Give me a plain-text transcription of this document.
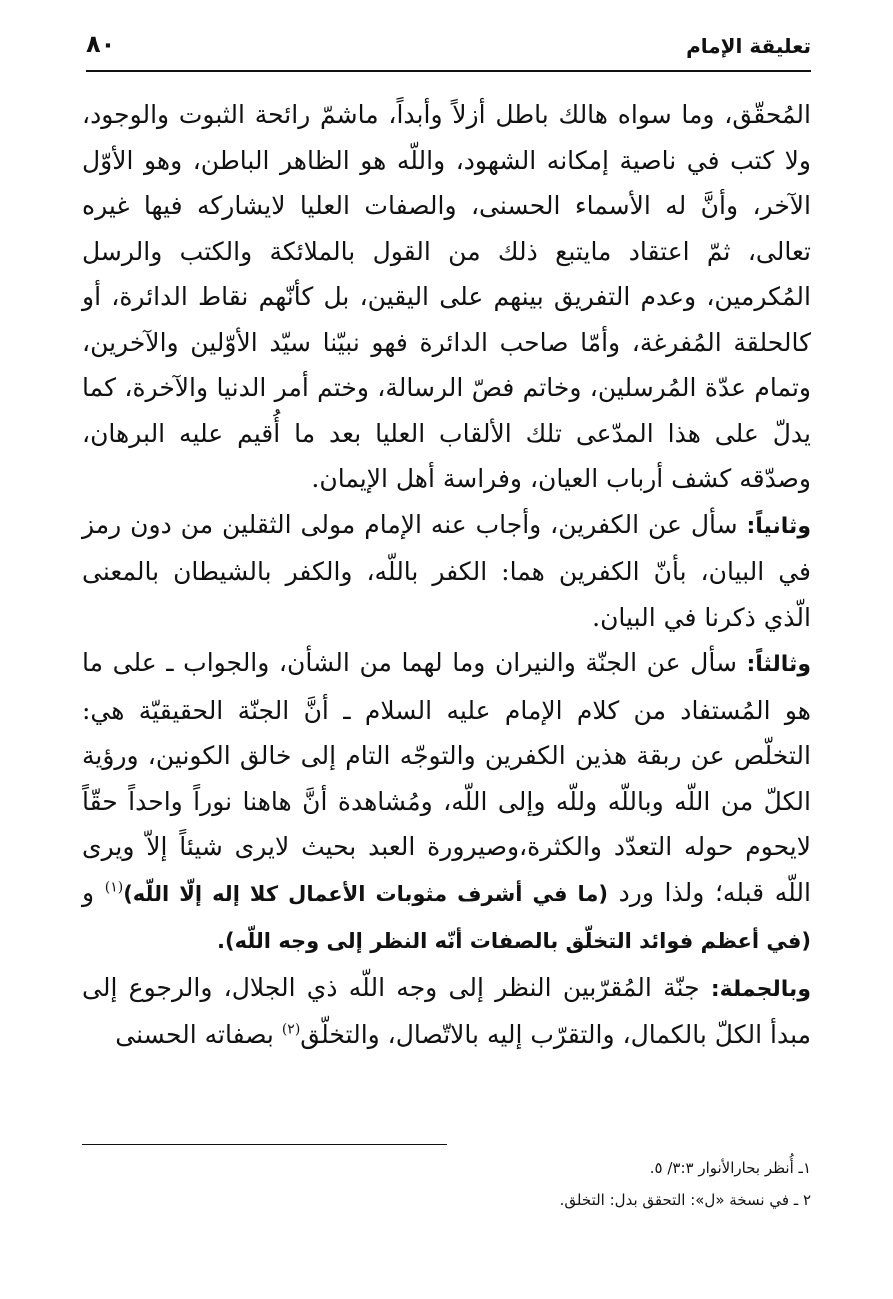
تعليقة الإمام
٨٠

المُحقّق، وما سواه هالك باطل أزلاً وأبداً، ماشمّ رائحة الثبوت والوجود، ولا كتب في ناصية إمكانه الشهود، واللّه هو الظاهر الباطن، وهو الأوّل الآخر، وأنَّ له الأسماء الحسنى، والصفات العليا لايشاركه فيها غيره تعالى، ثمّ اعتقاد مايتبع ذلك من القول بالملائكة والكتب والرسل المُكرمين، وعدم التفريق بينهم على اليقين، بل كأنّهم نقاط الدائرة، أو كالحلقة المُفرغة، وأمّا صاحب الدائرة فهو نبيّنا سيّد الأوّلين والآخرين، وتمام عدّة المُرسلين، وخاتم فصّ الرسالة، وختم أمر الدنيا والآخرة، كما يدلّ على هذا المدّعى تلك الألقاب العليا بعد ما أُقيم عليه البرهان، وصدّقه كشف أرباب العيان، وفراسة أهل الإيمان.

وثانياً: سأل عن الكفرين، وأجاب عنه الإمام مولى الثقلين من دون رمز في البيان، بأنّ الكفرين هما: الكفر باللّه، والكفر بالشيطان بالمعنى الّذي ذكرنا في البيان.

وثالثاً: سأل عن الجنّة والنيران وما لهما من الشأن، والجواب ـ على ما هو المُستفاد من كلام الإمام عليه السلام ـ أنَّ الجنّة الحقيقيّة هي: التخلّص عن ربقة هذين الكفرين والتوجّه التام إلى خالق الكونين، ورؤية الكلّ من اللّه وباللّه وللّه وإلى اللّه، ومُشاهدة أنَّ هاهنا نوراً واحداً حقّاً لايحوم حوله التعدّد والكثرة،وصيرورة العبد بحيث لايرى شيئاً إلاّ ويرى اللّه قبله؛ ولذا ورد (ما في أشرف مثوبات الأعمال كلا إله إلّا اللّه)$^{(١)}$ و (في أعظم فوائد التخلّق بالصفات أنّه النظر إلى وجه اللّه).

وبالجملة: جنّة المُقرّبين النظر إلى وجه اللّه ذي الجلال، والرجوع إلى مبدأ الكلّ بالكمال، والتقرّب إليه بالاتّصال، والتخلّق$^{(٢)}$ بصفاته الحسنى

١ـ أُنظر بحارالأنوار ٣:٣/ ٥.
٢ ـ في نسخة «ل»: التحقق بدل: التخلق.
